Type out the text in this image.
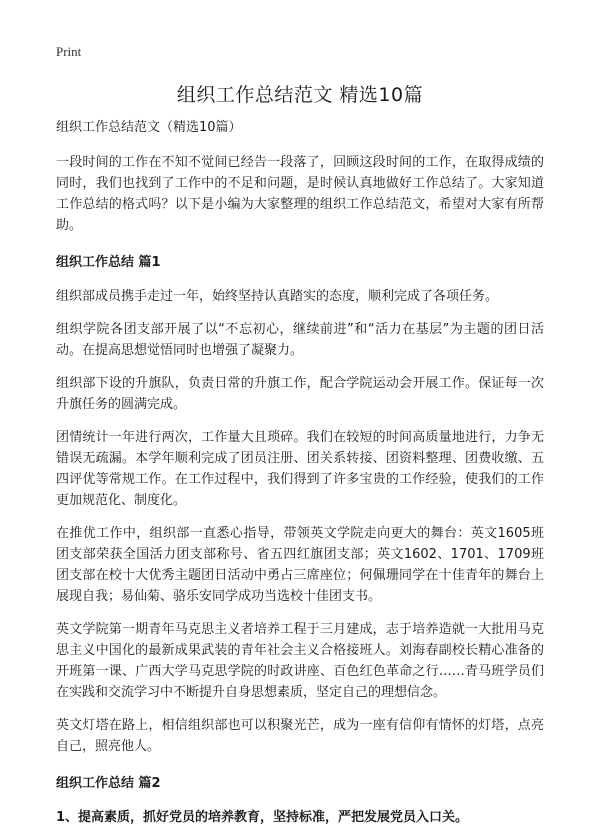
Print
组织工作总结范文 精选10篇
组织工作总结范文（精选10篇）

一段时间的工作在不知不觉间已经告一段落了，回顾这段时间的工作，在取得成绩的同时，我们也找到了工作中的不足和问题，是时候认真地做好工作总结了。大家知道工作总结的格式吗？以下是小编为大家整理的组织工作总结范文，希望对大家有所帮助。

组织工作总结 篇1

组织部成员携手走过一年，始终坚持认真踏实的态度，顺利完成了各项任务。

组织学院各团支部开展了以“不忘初心，继续前进”和“活力在基层”为主题的团日活动。在提高思想觉悟同时也增强了凝聚力。

组织部下设的升旗队，负责日常的升旗工作，配合学院运动会开展工作。保证每一次升旗任务的圆满完成。

团情统计一年进行两次，工作量大且琐碎。我们在较短的时间高质量地进行，力争无错误无疏漏。本学年顺利完成了团员注册、团关系转接、团资料整理、团费收缴、五四评优等常规工作。在工作过程中，我们得到了许多宝贵的工作经验，使我们的工作更加规范化、制度化。

在推优工作中，组织部一直悉心指导，带领英文学院走向更大的舞台：英文1605班团支部荣获全国活力团支部称号、省五四红旗团支部；英文1602、1701、1709班团支部在校十大优秀主题团日活动中勇占三席座位；何佩珊同学在十佳青年的舞台上展现自我；易仙菊、骆乐安同学成功当选校十佳团支书。

英文学院第一期青年马克思主义者培养工程于三月建成，志于培养造就一大批用马克思主义中国化的最新成果武装的青年社会主义合格接班人。刘海春副校长精心准备的开班第一课、广西大学马克思学院的时政讲座、百色红色革命之行……青马班学员们在实践和交流学习中不断提升自身思想素质，坚定自己的理想信念。

英文灯塔在路上，相信组织部也可以积聚光芒，成为一座有信仰有情怀的灯塔，点亮自己，照亮他人。

组织工作总结 篇2

1、提高素质，抓好党员的培养教育，坚持标准，严把发展党员入口关。
